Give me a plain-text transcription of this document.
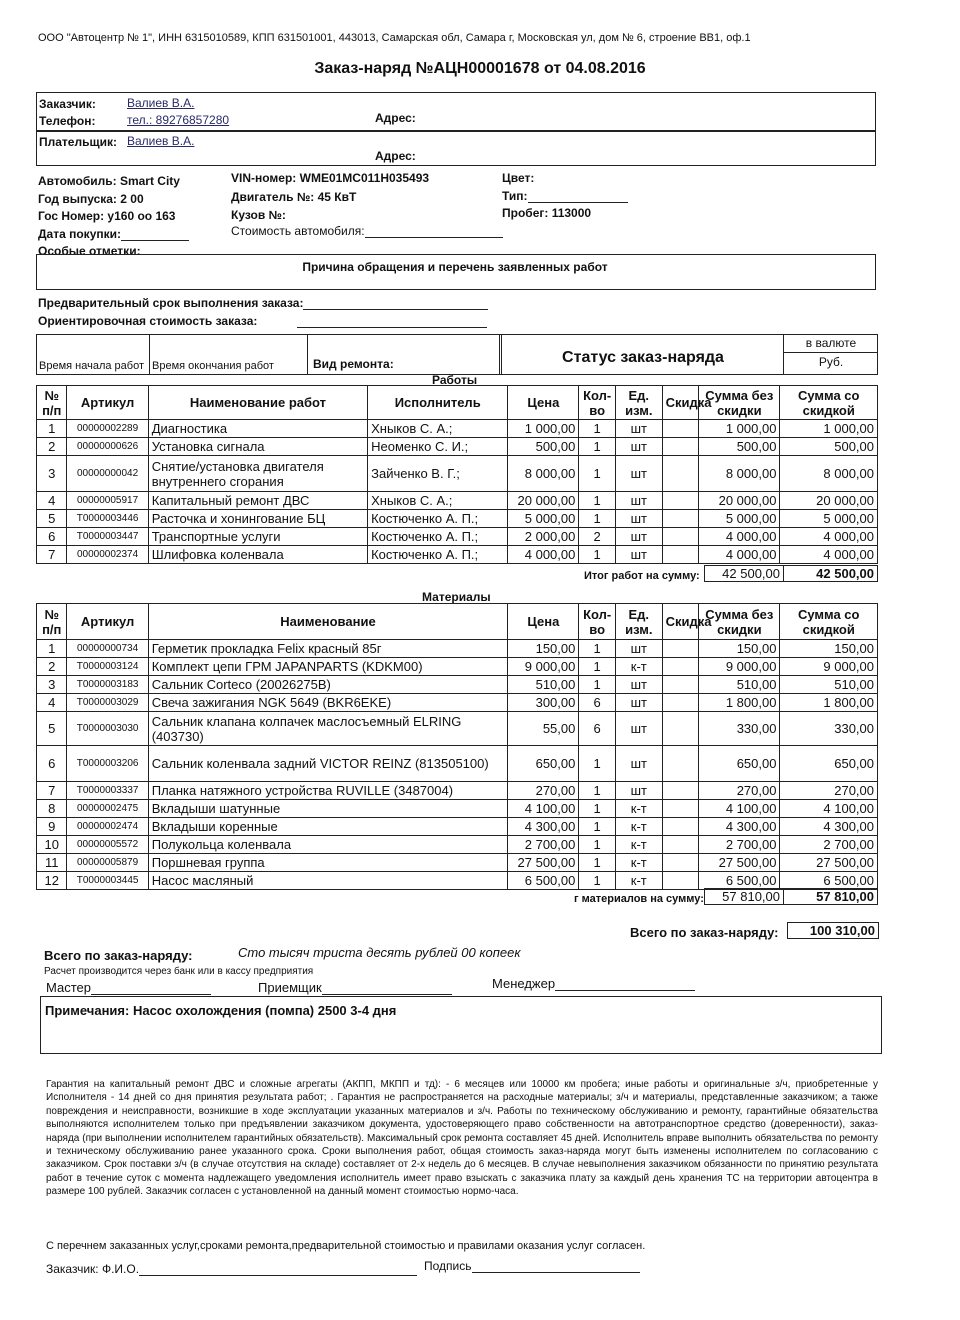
ООО "Автоцентр № 1", ИНН 6315010589, КПП 631501001, 443013, Самарская обл, Самара г, Московская ул, дом № 6, строение ВВ1, оф.1
Заказ-наряд №АЦН00001678 от 04.08.2016
Заказчик:	Валиев В.А.
Телефон:	тел.: 89276857280	Адрес:
Плательщик: Валиев В.А.
Адрес:
Автомобиль: Smart City
Год выпуска: 2 00
Гос Номер: у160 оо 163
Дата покупки:
VIN-номер: WME01MC011H035493
Двигатель №: 45 КвТ
Кузов №:
Стоимость автомобиля:
Цвет:
Тип:
Пробег: 113000
Особые отметки:
Причина обращения и перечень заявленных работ
Предварительный срок выполнения заказа:
Ориентировочная стоимость заказа:
Время начала работ Время окончания работ	Вид ремонта:	Статус заказ-наряда
в валюте
Руб.
Работы
№ п/п	Артикул	Наименование работ	Исполнитель	Цена	Кол-во	Ед. изм.	Скидка	Сумма без скидки	Сумма со скидкой
1	00000002289	Диагностика	Хныков С. А.;	1 000,00	1	шт		1 000,00	1 000,00
2	00000000626	Установка сигнала	Неоменко С. И.;	500,00	1	шт		500,00	500,00
3	00000000042	Снятие/установка двигателя внутреннего сгорания	Зайченко В. Г.;	8 000,00	1	шт		8 000,00	8 000,00
4	00000005917	Капитальный ремонт ДВС	Хныков С. А.;	20 000,00	1	шт		20 000,00	20 000,00
5	Т0000003446	Расточка и хонингование БЦ	Костюченко А. П.;	5 000,00	1	шт		5 000,00	5 000,00
6	Т0000003447	Транспортные услуги	Костюченко А. П.;	2 000,00	2	шт		4 000,00	4 000,00
7	00000002374	Шлифовка коленвала	Костюченко А. П.;	4 000,00	1	шт		4 000,00	4 000,00
Итог работ на сумму:	42 500,00	42 500,00
Материалы
№ п/п	Артикул	Наименование	Цена	Кол-во	Ед. изм.	Скидка	Сумма без скидки	Сумма со скидкой
1	00000000734	Герметик прокладка Felix красный 85г	150,00	1	шт		150,00	150,00
2	Т0000003124	Комплект цепи ГРМ JAPANPARTS (KDKM00)	9 000,00	1	к-т		9 000,00	9 000,00
3	Т0000003183	Сальник Corteco (20026275B)	510,00	1	шт		510,00	510,00
4	Т0000003029	Свеча зажигания NGK 5649 (BKR6EKE)	300,00	6	шт		1 800,00	1 800,00
5	Т0000003030	Сальник клапана колпачек маслосъемный ELRING (403730)	55,00	6	шт		330,00	330,00
6	Т0000003206	Сальник коленвала задний VICTOR REINZ (813505100)	650,00	1	шт		650,00	650,00
7	Т0000003337	Планка натяжного устройства RUVILLE (3487004)	270,00	1	шт		270,00	270,00
8	00000002475	Вкладыши шатунные	4 100,00	1	к-т		4 100,00	4 100,00
9	00000002474	Вкладыши коренные	4 300,00	1	к-т		4 300,00	4 300,00
10	00000005572	Полукольца коленвала	2 700,00	1	к-т		2 700,00	2 700,00
11	00000005879	Поршневая группа	27 500,00	1	к-т		27 500,00	27 500,00
12	Т0000003445	Насос масляный	6 500,00	1	к-т		6 500,00	6 500,00
г материалов на сумму:	57 810,00	57 810,00
Всего по заказ-наряду:	100 310,00
Всего по заказ-наряду:	Сто тысяч триста десять рублей 00 копеек
Расчет производится через банк или в кассу предприятия
Мастер	Приемщик	Менеджер
Примечания: Насос охолождения (помпа) 2500 3-4 дня
Гарантия на капитальный ремонт ДВС и сложные агрегаты (АКПП, МКПП и тд): - 6 месяцев или 10000 км пробега; иные работы и оригинальные з/ч, приобретенные у Исполнителя - 14 дней со дня принятия результата работ; . Гарантия не распространяется на расходные материалы; з/ч и материалы, представленные заказчиком; а также повреждения и неисправности, возникшие в ходе эксплуатации указанных материалов и з/ч. Работы по техническому обслуживанию и ремонту, гарантийные обязательства выполняются исполнителем только при предъявлении заказчиком документа, удостоверяющего право собственности на автотранспортное средство (доверенности), заказ-наряда (при выполнении исполнителем гарантийных обязательств). Максимальный срок ремонта составляет 45 дней. Исполнитель вправе выполнить обязательства по ремонту и техническому обслуживанию ранее указанного срока. Сроки выполнения работ, общая стоимость заказ-наряда могут быть изменены исполнителем по согласованию с заказчиком. Срок поставки з/ч (в случае отсутствия на складе) составляет от 2-х недель до 6 месяцев. В случае невыполнения заказчиком обязанности по принятию результата работ в течение суток с момента надлежащего уведомления исполнитель имеет право взыскать с заказчика плату за каждый день хранения ТС на территории автоцентра в размере 100 рублей. Заказчик согласен с установленной на данный момент стоимостью нормо-часа.
С перечнем заказанных услуг,сроками ремонта,предварительной стоимостью и правилами оказания услуг согласен.
Заказчик: Ф.И.О.	Подпись
